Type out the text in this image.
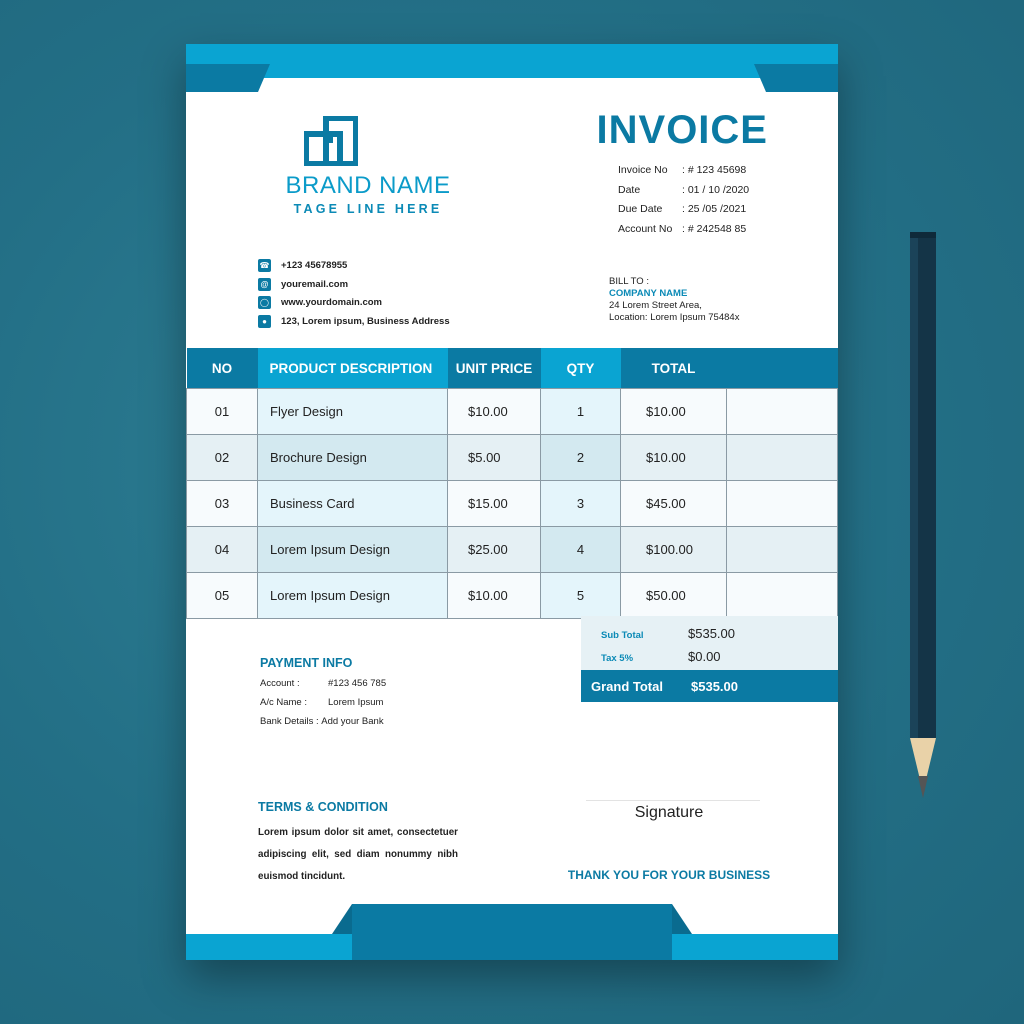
BRAND NAME
TAGE LINE HERE
INVOICE
Invoice No	: # 123 45698
Date	: 01 / 10 /2020
Due Date	: 25 /05 /2021
Account No : # 242548 85
☎ +123 45678955
@ youremail.com
◯ www.yourdomain.com
●	123, Lorem ipsum, Business Address
BILL TO :
COMPANY NAME
24 Lorem Street Area,
Location: Lorem Ipsum 75484x
NO	PRODUCT DESCRIPTION	UNIT PRICE	QTY	TOTAL	
01	Flyer Design	$10.00	1	$10.00	
02	Brochure Design	$5.00	2	$10.00	
03	Business Card	$15.00	3	$45.00	
04	Lorem Ipsum Design	$25.00	4	$100.00	
05	Lorem Ipsum Design	$10.00	5	$50.00	
Sub Total	$535.00
Tax 5%	$0.00
Grand Total $535.00
PAYMENT INFO
Account :	#123 456 785
A/c Name :	Lorem Ipsum
Bank Details :
Add your Bank
TERMS & CONDITION
Lorem ipsum dolor sit amet, consectetuer adipiscing elit, sed diam nonummy nibh euismod tincidunt.
Signature
THANK YOU FOR YOUR BUSINESS
